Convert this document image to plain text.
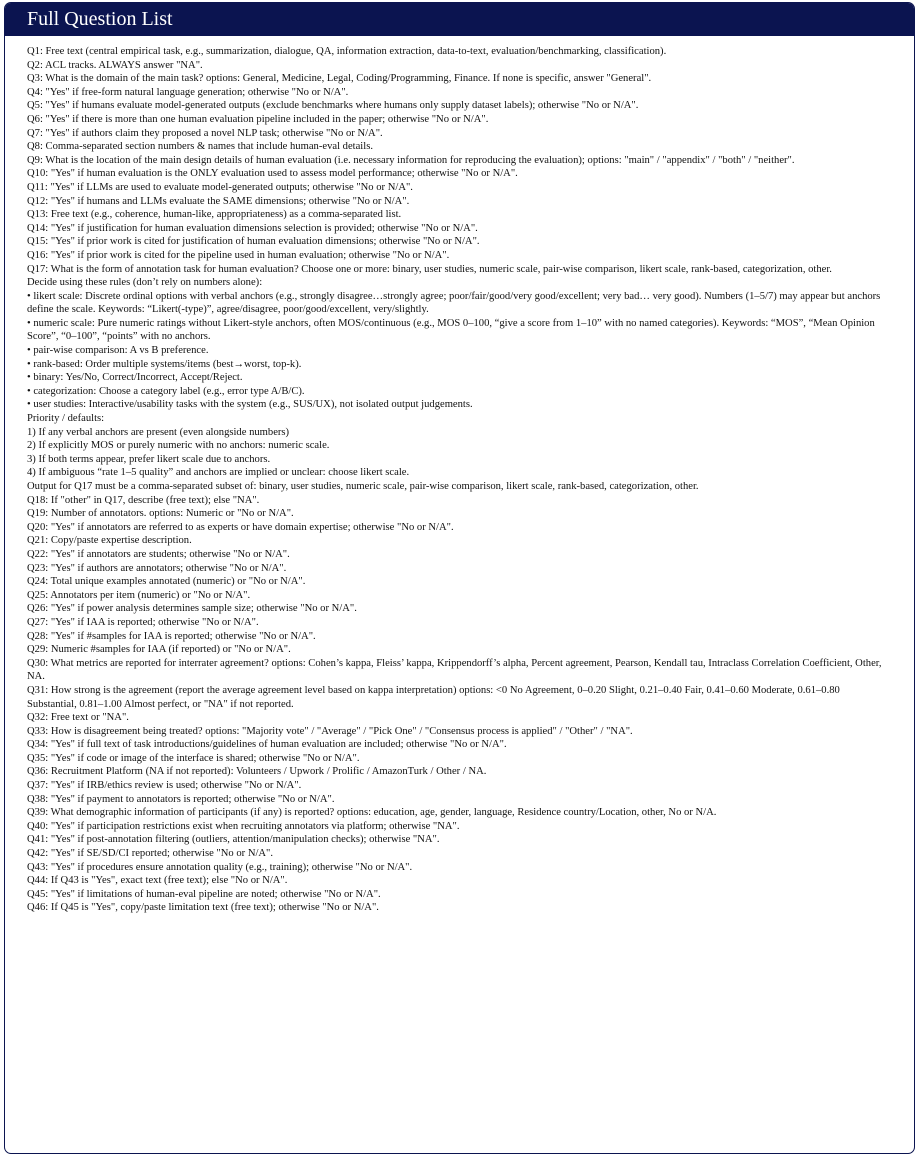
Full Question List

Q1: Free text (central empirical task, e.g., summarization, dialogue, QA, information extraction, data-to-text, evaluation/benchmarking, classification).

Q2: ACL tracks. ALWAYS answer "NA".

Q3: What is the domain of the main task? options: General, Medicine, Legal, Coding/Programming, Finance. If none is specific, answer "General".

Q4: "Yes" if free-form natural language generation; otherwise "No or N/A".

Q5: "Yes" if humans evaluate model-generated outputs (exclude benchmarks where humans only supply dataset labels); otherwise "No or N/A".

Q6: "Yes" if there is more than one human evaluation pipeline included in the paper; otherwise "No or N/A".

Q7: "Yes" if authors claim they proposed a novel NLP task; otherwise "No or N/A".

Q8: Comma-separated section numbers & names that include human-eval details.

Q9: What is the location of the main design details of human evaluation (i.e. necessary information for reproducing the evaluation); options: "main" / "appendix" / "both" / "neither".

Q10: "Yes" if human evaluation is the ONLY evaluation used to assess model performance; otherwise "No or N/A".

Q11: "Yes" if LLMs are used to evaluate model-generated outputs; otherwise "No or N/A".

Q12: "Yes" if humans and LLMs evaluate the SAME dimensions; otherwise "No or N/A".

Q13: Free text (e.g., coherence, human-like, appropriateness) as a comma-separated list.

Q14: "Yes" if justification for human evaluation dimensions selection is provided; otherwise "No or N/A".

Q15: "Yes" if prior work is cited for justification of human evaluation dimensions; otherwise "No or N/A".

Q16: "Yes" if prior work is cited for the pipeline used in human evaluation; otherwise "No or N/A".

Q17: What is the form of annotation task for human evaluation? Choose one or more: binary, user studies, numeric scale, pair-wise comparison, likert scale, rank-based, categorization, other.

Decide using these rules (don’t rely on numbers alone):

• likert scale: Discrete ordinal options with verbal anchors (e.g., strongly disagree…strongly agree; poor/fair/good/very good/excellent; very bad… very good). Numbers (1–5/7) may appear but anchors define the scale. Keywords: “Likert(-type)”, agree/disagree, poor/good/excellent, very/slightly.

• numeric scale: Pure numeric ratings without Likert-style anchors, often MOS/continuous (e.g., MOS 0–100, “give a score from 1–10” with no named categories). Keywords: “MOS”, “Mean Opinion Score”, “0–100”, “points” with no anchors.

• pair-wise comparison: A vs B preference.

• rank-based: Order multiple systems/items (best→worst, top-k).

• binary: Yes/No, Correct/Incorrect, Accept/Reject.

• categorization: Choose a category label (e.g., error type A/B/C).

• user studies: Interactive/usability tasks with the system (e.g., SUS/UX), not isolated output judgements.

Priority / defaults:

1) If any verbal anchors are present (even alongside numbers)

2) If explicitly MOS or purely numeric with no anchors: numeric scale.

3) If both terms appear, prefer likert scale due to anchors.

4) If ambiguous “rate 1–5 quality” and anchors are implied or unclear: choose likert scale.

Output for Q17 must be a comma-separated subset of: binary, user studies, numeric scale, pair-wise comparison, likert scale, rank-based, categorization, other.

Q18: If "other" in Q17, describe (free text); else "NA".

Q19: Number of annotators. options: Numeric or "No or N/A".

Q20: "Yes" if annotators are referred to as experts or have domain expertise; otherwise "No or N/A".

Q21: Copy/paste expertise description.

Q22: "Yes" if annotators are students; otherwise "No or N/A".

Q23: "Yes" if authors are annotators; otherwise "No or N/A".

Q24: Total unique examples annotated (numeric) or "No or N/A".

Q25: Annotators per item (numeric) or "No or N/A".

Q26: "Yes" if power analysis determines sample size; otherwise "No or N/A".

Q27: "Yes" if IAA is reported; otherwise "No or N/A".

Q28: "Yes" if #samples for IAA is reported; otherwise "No or N/A".

Q29: Numeric #samples for IAA (if reported) or "No or N/A".

Q30: What metrics are reported for interrater agreement? options: Cohen’s kappa, Fleiss’ kappa, Krippendorff’s alpha, Percent agreement, Pearson, Kendall tau, Intraclass Correlation Coefficient, Other, NA.

Q31: How strong is the agreement (report the average agreement level based on kappa interpretation) options: <0 No Agreement, 0–0.20 Slight, 0.21–0.40 Fair, 0.41–0.60 Moderate, 0.61–0.80 Substantial, 0.81–1.00 Almost perfect, or "NA" if not reported.

Q32: Free text or "NA".

Q33: How is disagreement being treated? options: "Majority vote" / "Average" / "Pick One" / "Consensus process is applied" / "Other" / "NA".

Q34: "Yes" if full text of task introductions/guidelines of human evaluation are included; otherwise "No or N/A".

Q35: "Yes" if code or image of the interface is shared; otherwise "No or N/A".

Q36: Recruitment Platform (NA if not reported): Volunteers / Upwork / Prolific / AmazonTurk / Other / NA.

Q37: "Yes" if IRB/ethics review is used; otherwise "No or N/A".

Q38: "Yes" if payment to annotators is reported; otherwise "No or N/A".

Q39: What demographic information of participants (if any) is reported? options: education, age, gender, language, Residence country/Location, other, No or N/A.

Q40: "Yes" if participation restrictions exist when recruiting annotators via platform; otherwise "NA".

Q41: "Yes" if post-annotation filtering (outliers, attention/manipulation checks); otherwise "NA".

Q42: "Yes" if SE/SD/CI reported; otherwise "No or N/A".

Q43: "Yes" if procedures ensure annotation quality (e.g., training); otherwise "No or N/A".

Q44: If Q43 is "Yes", exact text (free text); else "No or N/A".

Q45: "Yes" if limitations of human-eval pipeline are noted; otherwise "No or N/A".

Q46: If Q45 is "Yes", copy/paste limitation text (free text); otherwise "No or N/A".
